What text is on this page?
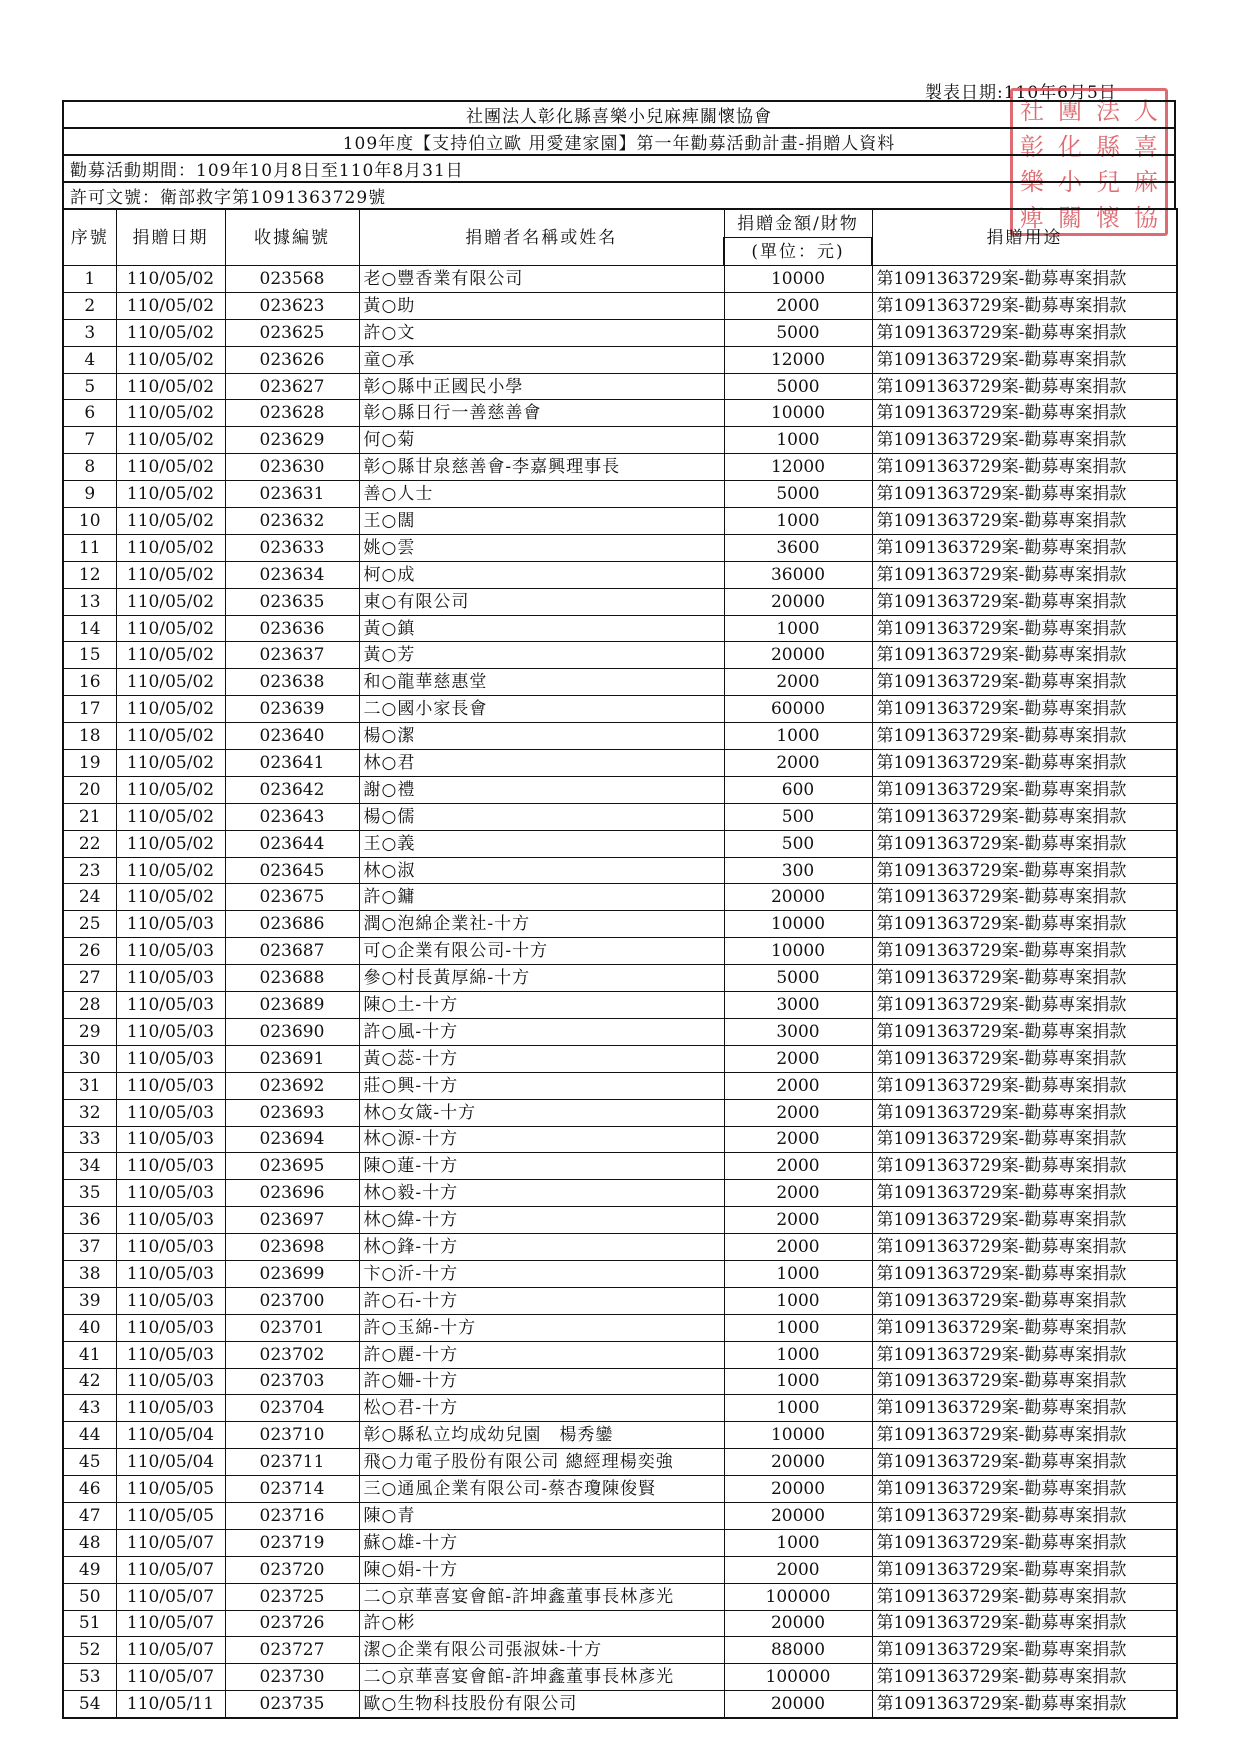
製表日期:110年6月5日
社 團 法 人
彰 化 縣 喜
樂 小 兒 麻
痺 關 懷 協
社團法人彰化縣喜樂小兒麻痺關懷協會
109年度【支持伯立歐 用愛建家園】第一年勸募活動計畫-捐贈人資料
勸募活動期間：109年10月8日至110年8月31日
許可文號：衛部救字第1091363729號
序號	捐贈日期	收據編號	捐贈者名稱或姓名	捐贈金額/財物	捐贈用途
				(單位：元)	
1	110/05/02	023568	老○豐香業有限公司	10000	第1091363729案-勸募專案捐款
2	110/05/02	023623	黃○助	2000	第1091363729案-勸募專案捐款
3	110/05/02	023625	許○文	5000	第1091363729案-勸募專案捐款
4	110/05/02	023626	童○承	12000	第1091363729案-勸募專案捐款
5	110/05/02	023627	彰○縣中正國民小學	5000	第1091363729案-勸募專案捐款
6	110/05/02	023628	彰○縣日行一善慈善會	10000	第1091363729案-勸募專案捐款
7	110/05/02	023629	何○菊	1000	第1091363729案-勸募專案捐款
8	110/05/02	023630	彰○縣甘泉慈善會-李嘉興理事長	12000	第1091363729案-勸募專案捐款
9	110/05/02	023631	善○人士	5000	第1091363729案-勸募專案捐款
10	110/05/02	023632	王○闊	1000	第1091363729案-勸募專案捐款
11	110/05/02	023633	姚○雲	3600	第1091363729案-勸募專案捐款
12	110/05/02	023634	柯○成	36000	第1091363729案-勸募專案捐款
13	110/05/02	023635	東○有限公司	20000	第1091363729案-勸募專案捐款
14	110/05/02	023636	黃○鎮	1000	第1091363729案-勸募專案捐款
15	110/05/02	023637	黃○芳	20000	第1091363729案-勸募專案捐款
16	110/05/02	023638	和○龍華慈惠堂	2000	第1091363729案-勸募專案捐款
17	110/05/02	023639	二○國小家長會	60000	第1091363729案-勸募專案捐款
18	110/05/02	023640	楊○潔	1000	第1091363729案-勸募專案捐款
19	110/05/02	023641	林○君	2000	第1091363729案-勸募專案捐款
20	110/05/02	023642	謝○禮	600	第1091363729案-勸募專案捐款
21	110/05/02	023643	楊○儒	500	第1091363729案-勸募專案捐款
22	110/05/02	023644	王○義	500	第1091363729案-勸募專案捐款
23	110/05/02	023645	林○淑	300	第1091363729案-勸募專案捐款
24	110/05/02	023675	許○鏞	20000	第1091363729案-勸募專案捐款
25	110/05/03	023686	潤○泡綿企業社-十方	10000	第1091363729案-勸募專案捐款
26	110/05/03	023687	可○企業有限公司-十方	10000	第1091363729案-勸募專案捐款
27	110/05/03	023688	參○村長黃厚綿-十方	5000	第1091363729案-勸募專案捐款
28	110/05/03	023689	陳○土-十方	3000	第1091363729案-勸募專案捐款
29	110/05/03	023690	許○風-十方	3000	第1091363729案-勸募專案捐款
30	110/05/03	023691	黃○蕊-十方	2000	第1091363729案-勸募專案捐款
31	110/05/03	023692	莊○興-十方	2000	第1091363729案-勸募專案捐款
32	110/05/03	023693	林○女箴-十方	2000	第1091363729案-勸募專案捐款
33	110/05/03	023694	林○源-十方	2000	第1091363729案-勸募專案捐款
34	110/05/03	023695	陳○蓮-十方	2000	第1091363729案-勸募專案捐款
35	110/05/03	023696	林○毅-十方	2000	第1091363729案-勸募專案捐款
36	110/05/03	023697	林○緯-十方	2000	第1091363729案-勸募專案捐款
37	110/05/03	023698	林○鋒-十方	2000	第1091363729案-勸募專案捐款
38	110/05/03	023699	卞○沂-十方	1000	第1091363729案-勸募專案捐款
39	110/05/03	023700	許○石-十方	1000	第1091363729案-勸募專案捐款
40	110/05/03	023701	許○玉綿-十方	1000	第1091363729案-勸募專案捐款
41	110/05/03	023702	許○麗-十方	1000	第1091363729案-勸募專案捐款
42	110/05/03	023703	許○姍-十方	1000	第1091363729案-勸募專案捐款
43	110/05/03	023704	松○君-十方	1000	第1091363729案-勸募專案捐款
44	110/05/04	023710	彰○縣私立均成幼兒園　楊秀鑾	10000	第1091363729案-勸募專案捐款
45	110/05/04	023711	飛○力電子股份有限公司 總經理楊奕強	20000	第1091363729案-勸募專案捐款
46	110/05/05	023714	三○通風企業有限公司-蔡杏瓊陳俊賢	20000	第1091363729案-勸募專案捐款
47	110/05/05	023716	陳○青	20000	第1091363729案-勸募專案捐款
48	110/05/07	023719	蘇○雄-十方	1000	第1091363729案-勸募專案捐款
49	110/05/07	023720	陳○娟-十方	2000	第1091363729案-勸募專案捐款
50	110/05/07	023725	二○京華喜宴會館-許坤鑫董事長林彥光	100000	第1091363729案-勸募專案捐款
51	110/05/07	023726	許○彬	20000	第1091363729案-勸募專案捐款
52	110/05/07	023727	潔○企業有限公司張淑妹-十方	88000	第1091363729案-勸募專案捐款
53	110/05/07	023730	二○京華喜宴會館-許坤鑫董事長林彥光	100000	第1091363729案-勸募專案捐款
54	110/05/11	023735	歐○生物科技股份有限公司	20000	第1091363729案-勸募專案捐款
